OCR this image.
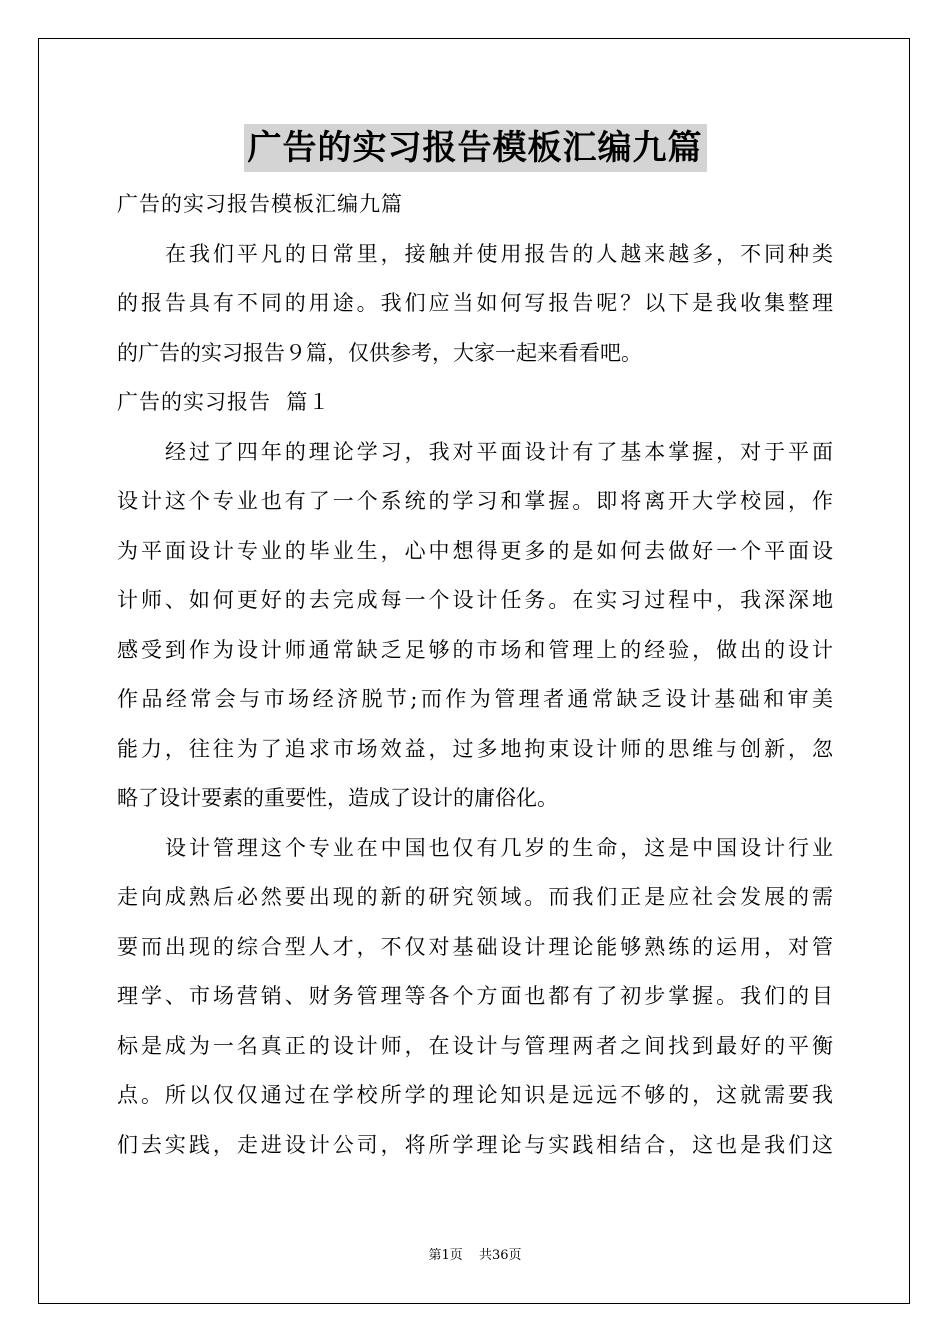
广告的实习报告模板汇编九篇
广告的实习报告模板汇编九篇
在我们平凡的日常里，接触并使用报告的人越来越多，不同种类
的报告具有不同的用途。我们应当如何写报告呢？以下是我收集整理
的广告的实习报告９篇，仅供参考，大家一起来看看吧。
广告的实习报告  篇１
经过了四年的理论学习，我对平面设计有了基本掌握，对于平面
设计这个专业也有了一个系统的学习和掌握。即将离开大学校园，作
为平面设计专业的毕业生，心中想得更多的是如何去做好一个平面设
计师、如何更好的去完成每一个设计任务。在实习过程中，我深深地
感受到作为设计师通常缺乏足够的市场和管理上的经验，做出的设计
作品经常会与市场经济脱节;而作为管理者通常缺乏设计基础和审美
能力，往往为了追求市场效益，过多地拘束设计师的思维与创新，忽
略了设计要素的重要性，造成了设计的庸俗化。
设计管理这个专业在中国也仅有几岁的生命，这是中国设计行业
走向成熟后必然要出现的新的研究领域。而我们正是应社会发展的需
要而出现的综合型人才，不仅对基础设计理论能够熟练的运用，对管
理学、市场营销、财务管理等各个方面也都有了初步掌握。我们的目
标是成为一名真正的设计师，在设计与管理两者之间找到最好的平衡
点。所以仅仅通过在学校所学的理论知识是远远不够的，这就需要我
们去实践，走进设计公司，将所学理论与实践相结合，这也是我们这
第1页 共36页
